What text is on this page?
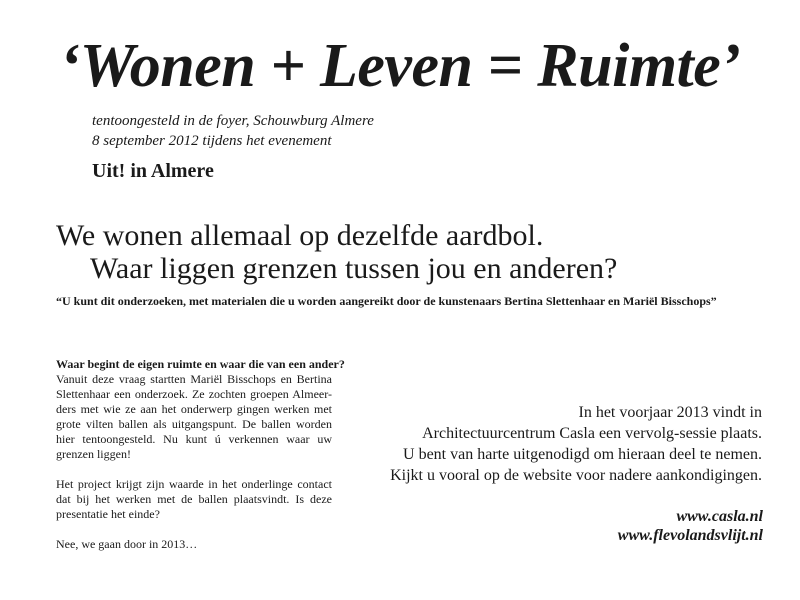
‘Wonen + Leven = Ruimte’
tentoongesteld in de foyer, Schouwburg Almere
8 september 2012 tijdens het evenement
Uit! in Almere
We wonen allemaal op dezelfde aardbol.
Waar liggen grenzen tussen jou en anderen?
“U kunt dit onderzoeken, met materialen die u worden aangereikt door de kunstenaars Bertina Slettenhaar en Mariël Bisschops”
Waar begint de eigen ruimte en waar die van een ander?
Vanuit deze vraag startten Mariël Bisschops en Bertina Slettenhaar een onderzoek. Ze zochten groepen Almeer-ders met wie ze aan het onderwerp gingen werken met grote vilten ballen als uitgangspunt. De ballen worden hier tentoongesteld. Nu kunt ú verkennen waar uw grenzen liggen!
Het project krijgt zijn waarde in het onderlinge contact dat bij het werken met de ballen plaatsvindt. Is deze presentatie het einde?
Nee, we gaan door in 2013…
In het voorjaar 2013 vindt in
Architectuurcentrum Casla een vervolg-sessie plaats.
U bent van harte uitgenodigd om hieraan deel te nemen.
Kijkt u vooral op de website voor nadere aankondigingen.
www.casla.nl
www.flevolandsvlijt.nl
